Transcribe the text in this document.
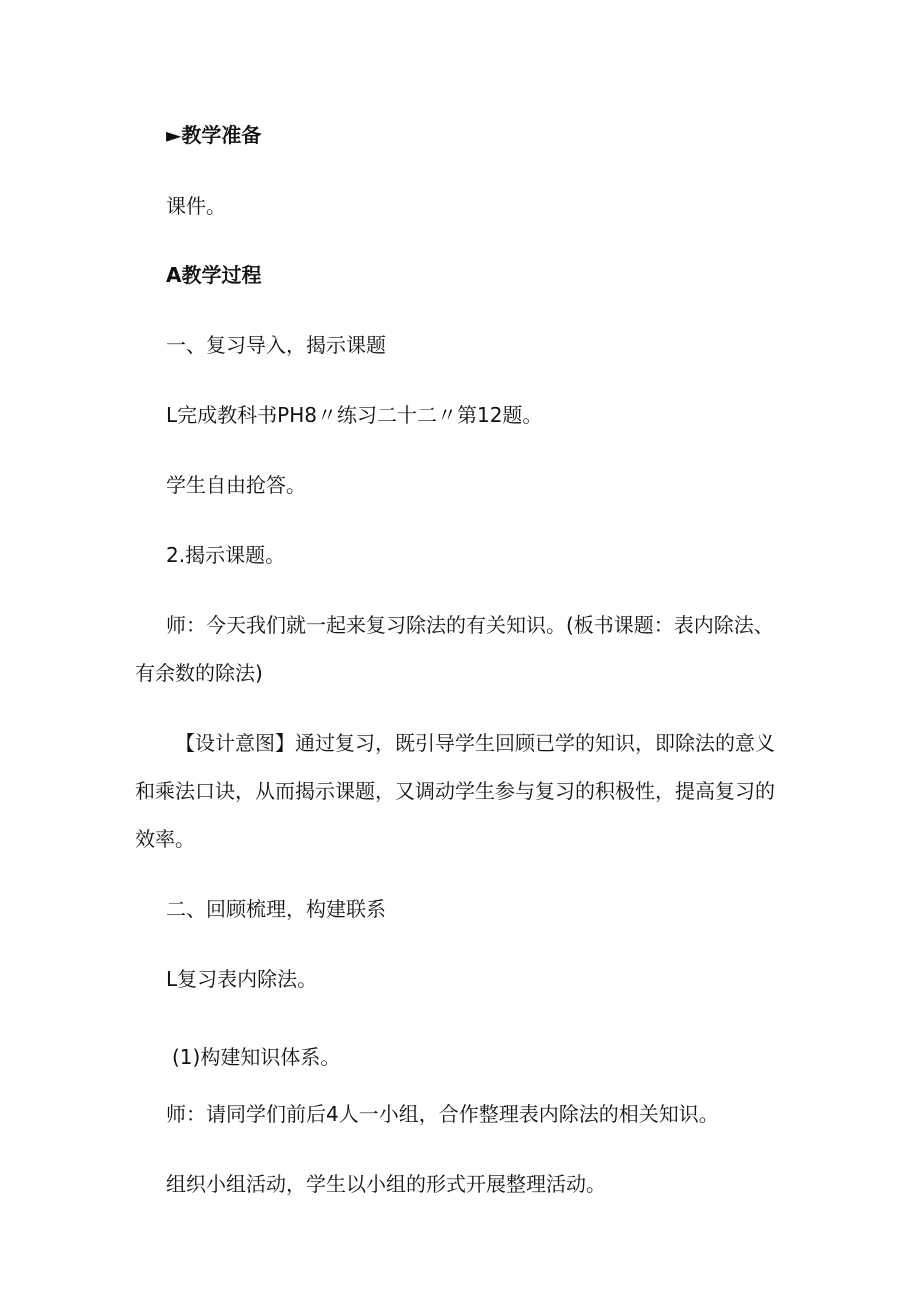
►教学准备

课件。

A教学过程

一、复习导入，揭示课题

L完成教科书PH8〃练习二十二〃第12题。

学生自由抢答。

2.揭示课题。

师：今天我们就一起来复习除法的有关知识。(板书课题：表内除法、

有余数的除法)

【设计意图】通过复习，既引导学生回顾已学的知识，即除法的意义

和乘法口诀，从而揭示课题，又调动学生参与复习的积极性，提高复习的

效率。

二、回顾梳理，构建联系

L复习表内除法。

(1)构建知识体系。

师：请同学们前后4人一小组，合作整理表内除法的相关知识。

组织小组活动，学生以小组的形式开展整理活动。
